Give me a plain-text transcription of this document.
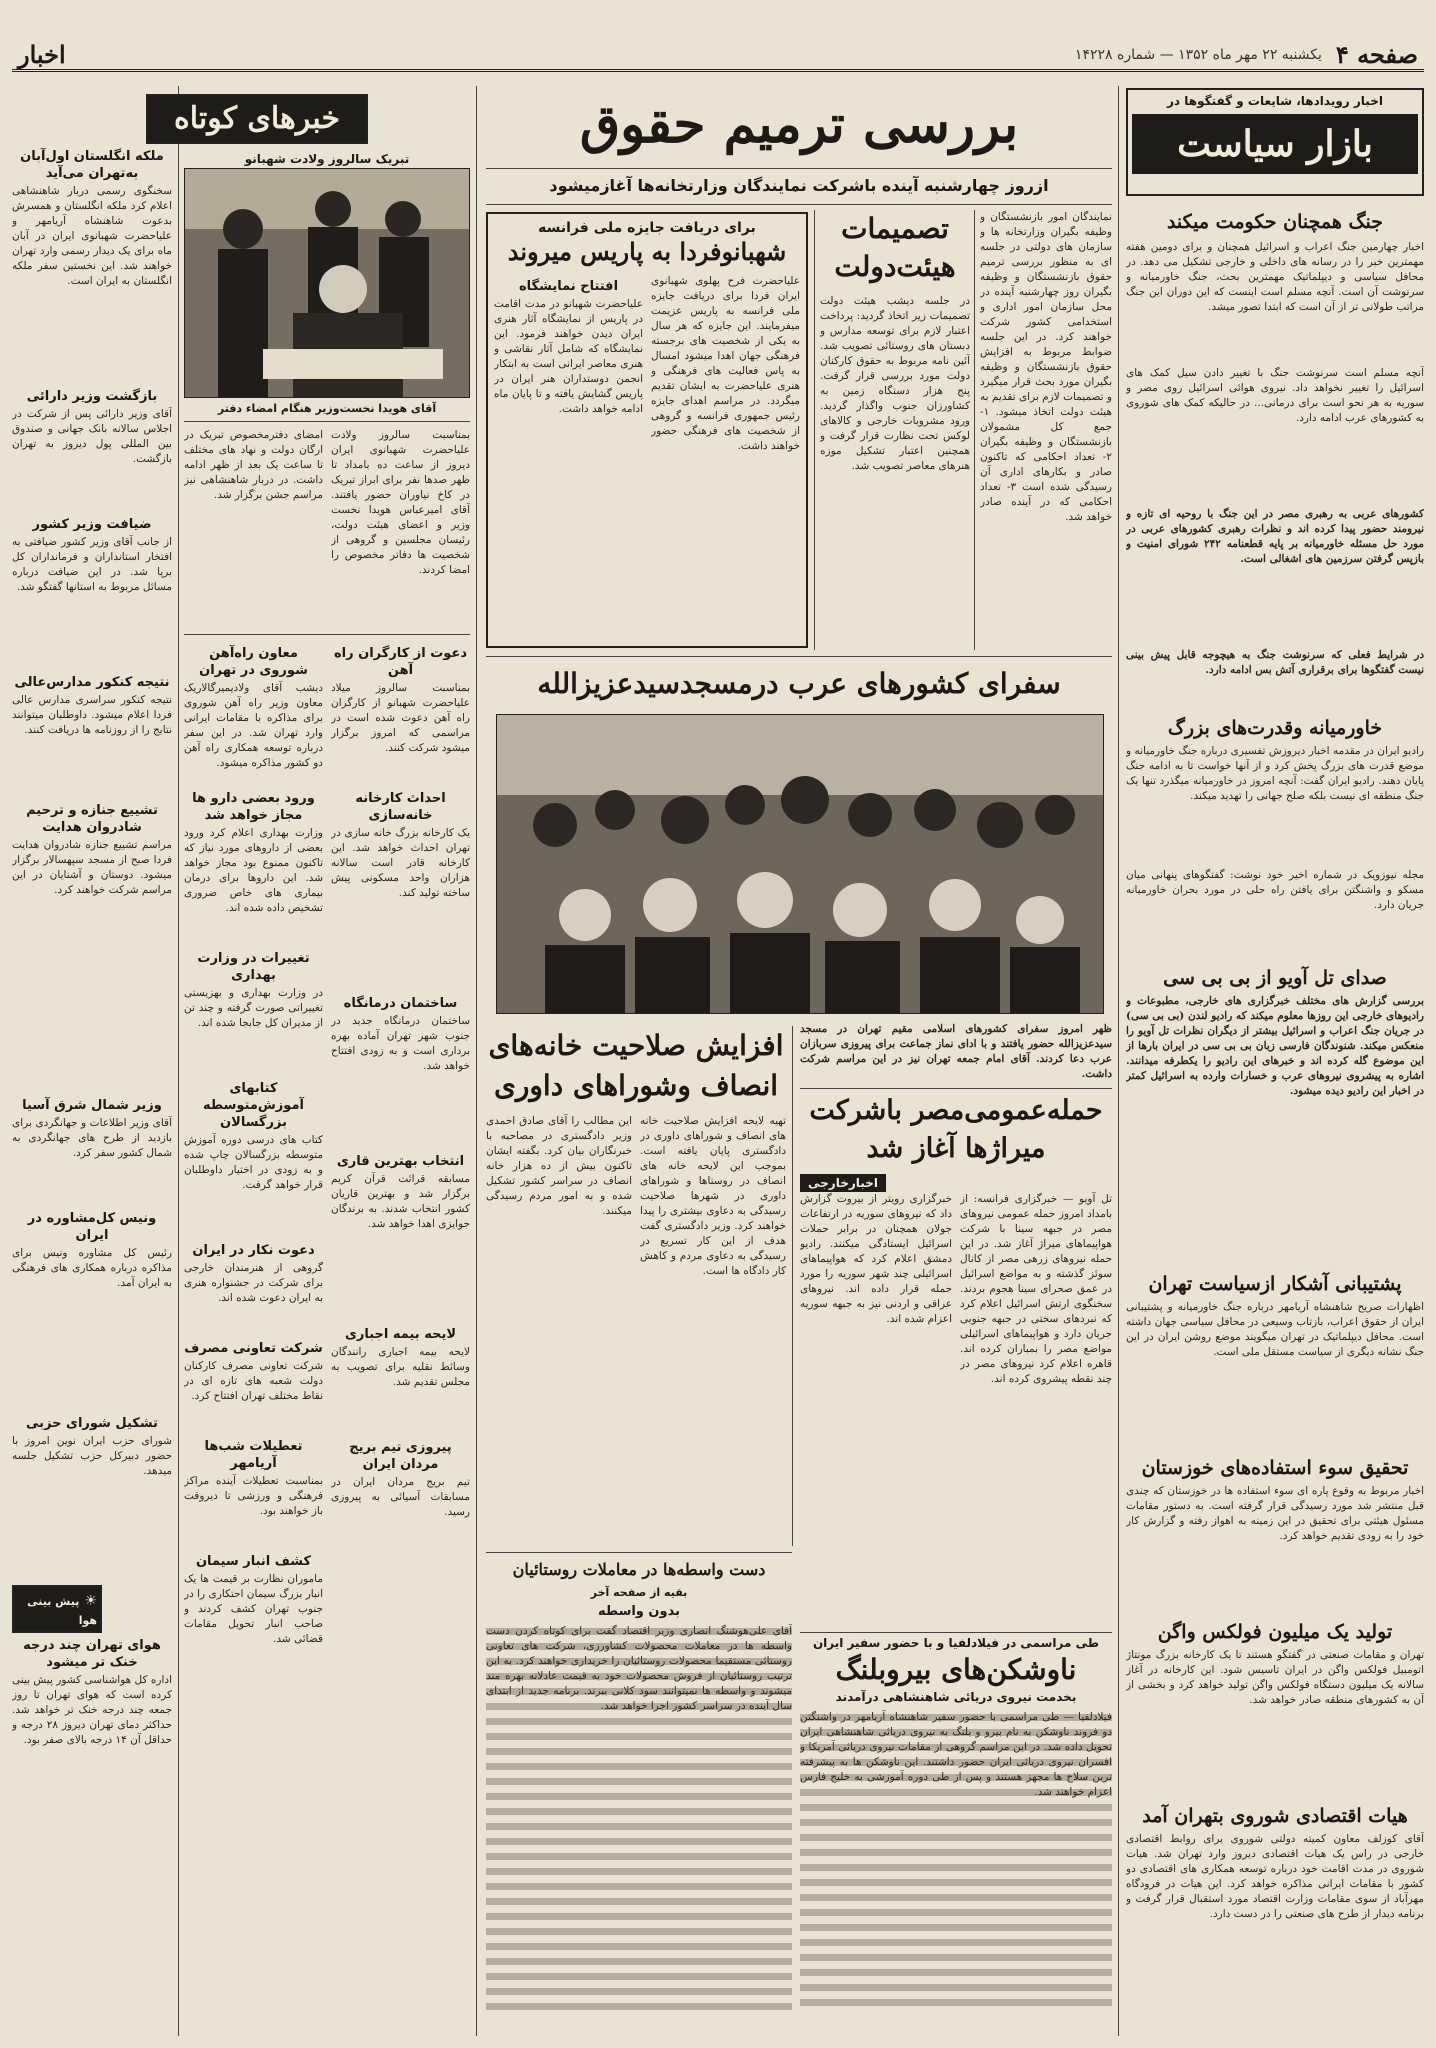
صفحه ۴
یکشنبه ۲۲ مهر ماه ۱۳۵۲ — شماره ۱۴۲۲۸
اخبار
اخبار رویدادها، شایعات و گفتگوها در
بازار سیاست
جنگ همچنان حکومت میکند
اخبار چهارمین جنگ اعراب و اسرائیل همچنان و برای دومین هفته مهمترین خبر را در رسانه های داخلی و خارجی تشکیل می دهد. در محافل سیاسی و دیپلماتیک مهمترین بحث، جنگ خاورمیانه و سرنوشت آن است. آنچه مسلم است اینست که این دوران این جنگ مراتب طولانی تر از آن است که ابتدا تصور میشد.
آنچه مسلم است سرنوشت جنگ با تغییر دادن سیل کمک های اسرائیل را تغییر نخواهد داد. نیروی هوائی اسرائیل روی مصر و سوریه به هر نحو است برای درمانی... در حالیکه کمک های شوروی به کشورهای عرب ادامه دارد.
کشورهای عربی به رهبری مصر در این جنگ با روحیه ای تازه و نیرومند حضور پیدا کرده اند و نظرات رهبری کشورهای عربی در مورد حل مسئله خاورمیانه بر پایه قطعنامه ۲۴۲ شورای امنیت و بازپس گرفتن سرزمین های اشغالی است.
در شرایط فعلی که سرنوشت جنگ به هیچوجه قابل پیش بینی نیست گفتگوها برای برقراری آتش بس ادامه دارد.
خاورمیانه وقدرت‌های بزرگ
رادیو ایران در مقدمه اخبار دیروزش تفسیری درباره جنگ خاورمیانه و موضع قدرت های بزرگ پخش کرد و از آنها خواست تا به ادامه جنگ پایان دهند. رادیو ایران گفت: آنچه امروز در خاورمیانه میگذرد تنها یک جنگ منطقه ای نیست بلکه صلح جهانی را تهدید میکند.
مجله نیوزویک در شماره اخیر خود نوشت: گفتگوهای پنهانی میان مسکو و واشنگتن برای یافتن راه حلی در مورد بحران خاورمیانه جریان دارد.
صدای تل آویو از بی بی سی
بررسی گزارش های مختلف خبرگزاری های خارجی، مطبوعات و رادیوهای خارجی این روزها معلوم میکند که رادیو لندن (بی بی سی) در جریان جنگ اعراب و اسرائیل بیشتر از دیگران نظرات تل آویو را منعکس میکند. شنوندگان فارسی زبان بی بی سی در ایران بارها از این موضوع گله کرده اند و خبرهای این رادیو را یکطرفه میدانند. اشاره به پیشروی نیروهای عرب و خسارات وارده به اسرائیل کمتر در اخبار این رادیو دیده میشود.
پشتیبانی آشکار ازسیاست تهران
اظهارات صریح شاهنشاه آریامهر درباره جنگ خاورمیانه و پشتیبانی ایران از حقوق اعراب، بازتاب وسیعی در محافل سیاسی جهان داشته است. محافل دیپلماتیک در تهران میگویند موضع روشن ایران در این جنگ نشانه دیگری از سیاست مستقل ملی است.
تحقیق سوء استفاده‌های خوزستان
اخبار مربوط به وقوع پاره ای سوء استفاده ها در خوزستان که چندی قبل منتشر شد مورد رسیدگی قرار گرفته است. به دستور مقامات مسئول هیئتی برای تحقیق در این زمینه به اهواز رفته و گزارش کار خود را به زودی تقدیم خواهد کرد.
تولید یک میلیون فولکس واگن
تهران و مقامات صنعتی در گفتگو هستند تا یک کارخانه بزرگ مونتاژ اتومبیل فولکس واگن در ایران تاسیس شود. این کارخانه در آغاز سالانه یک میلیون دستگاه فولکس واگن تولید خواهد کرد و بخشی از آن به کشورهای منطقه صادر خواهد شد.
هیات اقتصادی شوروی بتهران آمد
آقای کوزلف معاون کمیته دولتی شوروی برای روابط اقتصادی خارجی در راس یک هیات اقتصادی دیروز وارد تهران شد. هیات شوروی در مدت اقامت خود درباره توسعه همکاری های اقتصادی دو کشور با مقامات ایرانی مذاکره خواهد کرد. این هیات در فرودگاه مهرآباد از سوی مقامات وزارت اقتصاد مورد استقبال قرار گرفت و برنامه دیدار از طرح های صنعتی را در دست دارد.
بررسی ترمیم حقوق
ازروز چهارشنبه آینده باشرکت نمایندگان وزارتخانه‌ها آغازمیشود
نمایندگان امور بازنشستگان و وظیفه بگیران وزارتخانه ها و سازمان های دولتی در جلسه ای به منظور بررسی ترمیم حقوق بازنشستگان و وظیفه بگیران روز چهارشنبه آینده در محل سازمان امور اداری و استخدامی کشور شرکت خواهند کرد. در این جلسه ضوابط مربوط به افزایش حقوق بازنشستگان و وظیفه بگیران مورد بحث قرار میگیرد و تصمیمات لازم برای تقدیم به هیئت دولت اتخاذ میشود. ۱- جمع کل مشمولان بازنشستگان و وظیفه بگیران ۲- تعداد احکامی که تاکنون صادر و بکارهای اداری آن رسیدگی شده است ۳- تعداد احکامی که در آینده صادر خواهد شد.
تصمیمات هیئت‌دولت
در جلسه دیشب هیئت دولت تصمیمات زیر اتخاذ گردید: پرداخت اعتبار لازم برای توسعه مدارس و دبستان های روستائی تصویب شد. آئین نامه مربوط به حقوق کارکنان دولت مورد بررسی قرار گرفت. پنج هزار دستگاه زمین به کشاورزان جنوب واگذار گردید. ورود مشروبات خارجی و کالاهای لوکس تحت نظارت قرار گرفت و همچنین اعتبار تشکیل موزه هنرهای معاصر تصویب شد.
برای دریافت جایزه ملی فرانسه
شهبانوفردا به پاریس میروند
علیاحضرت فرح پهلوی شهبانوی ایران فردا برای دریافت جایزه ملی فرانسه به پاریس عزیمت میفرمایند. این جایزه که هر سال به یکی از شخصیت های برجسته فرهنگی جهان اهدا میشود امسال به پاس فعالیت های فرهنگی و هنری علیاحضرت به ایشان تقدیم میگردد. در مراسم اهدای جایزه رئیس جمهوری فرانسه و گروهی از شخصیت های فرهنگی حضور خواهند داشت.
افتتاح نمایشگاه
علیاحضرت شهبانو در مدت اقامت در پاریس از نمایشگاه آثار هنری ایران دیدن خواهند فرمود. این نمایشگاه که شامل آثار نقاشی و هنری معاصر ایرانی است به ابتکار انجمن دوستداران هنر ایران در پاریس گشایش یافته و تا پایان ماه ادامه خواهد داشت.
سفرای کشورهای عرب درمسجدسیدعزیزالله
افزایش صلاحیت خانه‌های انصاف وشوراهای داوری
تهیه لایحه افزایش صلاحیت خانه های انصاف و شوراهای داوری در دادگستری پایان یافته است. بموجب این لایحه خانه های انصاف در روستاها و شوراهای داوری در شهرها صلاحیت رسیدگی به دعاوی بیشتری را پیدا خواهند کرد. وزیر دادگستری گفت هدف از این کار تسریع در رسیدگی به دعاوی مردم و کاهش کار دادگاه ها است.
این مطالب را آقای صادق احمدی وزیر دادگستری در مصاحبه با خبرنگاران بیان کرد. بگفته ایشان تاکنون بیش از ده هزار خانه انصاف در سراسر کشور تشکیل شده و به امور مردم رسیدگی میکنند.
ظهر امروز سفرای کشورهای اسلامی مقیم تهران در مسجد سیدعزیزالله حضور یافتند و با ادای نماز جماعت برای پیروزی سربازان عرب دعا کردند. آقای امام جمعه تهران نیز در این مراسم شرکت داشت.
حمله‌عمومی‌مصر باشرکت میراژها آغاز شد
اخبارخارجی
تل آویو — خبرگزاری فرانسه: از بامداد امروز حمله عمومی نیروهای مصر در جبهه سینا با شرکت هواپیماهای میراژ آغاز شد. در این حمله نیروهای زرهی مصر از کانال سوئز گذشته و به مواضع اسرائیل در عمق صحرای سینا هجوم بردند. سخنگوی ارتش اسرائیل اعلام کرد که نبردهای سختی در جبهه جنوبی جریان دارد و هواپیماهای اسرائیلی مواضع مصر را بمباران کرده اند. قاهره اعلام کرد نیروهای مصر در چند نقطه پیشروی کرده اند.
خبرگزاری رویتر از بیروت گزارش داد که نیروهای سوریه در ارتفاعات جولان همچنان در برابر حملات اسرائیل ایستادگی میکنند. رادیو دمشق اعلام کرد که هواپیماهای اسرائیلی چند شهر سوریه را مورد حمله قرار داده اند. نیروهای عراقی و اردنی نیز به جبهه سوریه اعزام شده اند.
دست واسطه‌ها در معاملات روستائیان
بقیه از صفحه آخر
بدون واسطه
آقای علی‌هوشنگ انصاری وزیر اقتصاد گفت برای کوتاه کردن دست واسطه ها در معاملات محصولات کشاورزی، شرکت های تعاونی روستائی مستقیما محصولات روستائیان را خریداری خواهند کرد. به این ترتیب روستائیان از فروش محصولات خود به قیمت عادلانه بهره مند میشوند و واسطه ها نمیتوانند سود کلانی ببرند. برنامه جدید از ابتدای سال آینده در سراسر کشور اجرا خواهد شد.
طی مراسمی در فیلادلفیا و با حضور سفیر ایران
ناوشکن‌های بیرو‌بلنگ
بخدمت نیروی دریائی شاهنشاهی درآمدند
فیلادلفیا — طی مراسمی با حضور سفیر شاهنشاه آریامهر در واشنگتن دو فروند ناوشکن به نام بیرو و بلنگ به نیروی دریائی شاهنشاهی ایران تحویل داده شد. در این مراسم گروهی از مقامات نیروی دریائی آمریکا و افسران نیروی دریائی ایران حضور داشتند. این ناوشکن ها به پیشرفته ترین سلاح ها مجهز هستند و پس از طی دوره آموزشی به خلیج فارس اعزام خواهند شد.
آقای هویدا نخست‌وزیر هنگام امضاء دفتر
بمناسبت سالروز ولادت علیاحضرت شهبانوی ایران دیروز از ساعت ده بامداد تا ظهر صدها نفر برای ابراز تبریک در کاخ نیاوران حضور یافتند. آقای امیرعباس هویدا نخست وزیر و اعضای هیئت دولت، رئیسان مجلسین و گروهی از شخصیت ها دفاتر مخصوص را امضا کردند.
امضای دفترمخصوص تبریک در ارگان دولت و نهاد های مختلف تا ساعت یک بعد از ظهر ادامه داشت. در دربار شاهنشاهی نیز مراسم جشن برگزار شد.
دعوت از کارگران راه آهن
بمناسبت سالروز میلاد علیاحضرت شهبانو از کارگران راه آهن دعوت شده است در مراسمی که امروز برگزار میشود شرکت کنند.
احداث کارخانه خانه‌سازی
یک کارخانه بزرگ خانه سازی در تهران احداث خواهد شد. این کارخانه قادر است سالانه هزاران واحد مسکونی پیش ساخته تولید کند.
ساختمان درمانگاه
ساختمان درمانگاه جدید در جنوب شهر تهران آماده بهره برداری است و به زودی افتتاح خواهد شد.
انتخاب بهترین قاری
مسابقه قرائت قرآن کریم برگزار شد و بهترین قاریان کشور انتخاب شدند. به برندگان جوایزی اهدا خواهد شد.
لایحه بیمه اجباری
لایحه بیمه اجباری رانندگان وسائط نقلیه برای تصویب به مجلس تقدیم شد.
پیروزی تیم بریج مردان ایران
تیم بریج مردان ایران در مسابقات آسیائی به پیروزی رسید.
معاون راه‌آهن شوروی در تهران
دیشب آقای ولادیمیرگالاریک معاون وزیر راه آهن شوروی برای مذاکره با مقامات ایرانی وارد تهران شد. در این سفر درباره توسعه همکاری راه آهن دو کشور مذاکره میشود.
ورود بعضی دارو ها مجاز خواهد شد
وزارت بهداری اعلام کرد ورود بعضی از داروهای مورد نیاز که تاکنون ممنوع بود مجاز خواهد شد. این داروها برای درمان بیماری های خاص ضروری تشخیص داده شده اند.
تغییرات در وزارت بهداری
در وزارت بهداری و بهزیستی تغییراتی صورت گرفته و چند تن از مدیران کل جابجا شده اند.
کتابهای آموزش‌متوسطه بزرگسالان
کتاب های درسی دوره آموزش متوسطه بزرگسالان چاپ شده و به زودی در اختیار داوطلبان قرار خواهد گرفت.
دعوت نکار در ایران
گروهی از هنرمندان خارجی برای شرکت در جشنواره هنری به ایران دعوت شده اند.
شرکت تعاونی مصرف
شرکت تعاونی مصرف کارکنان دولت شعبه های تازه ای در نقاط مختلف تهران افتتاح کرد.
تعطیلات شب‌ها آریامهر
بمناسبت تعطیلات آینده مراکز فرهنگی و ورزشی تا دیروقت باز خواهند بود.
کشف انبار سیمان
ماموران نظارت بر قیمت ها یک انبار بزرگ سیمان احتکاری را در جنوب تهران کشف کردند و صاحب انبار تحویل مقامات قضائی شد.
خبرهای کوتاه
تبریک سالروز ولادت شهبانو
ملکه انگلستان اول‌آبان به‌تهران می‌آید
سخنگوی رسمی دربار شاهنشاهی اعلام کرد ملکه انگلستان و همسرش بدعوت شاهنشاه آریامهر و علیاحضرت شهبانوی ایران در آبان ماه برای یک دیدار رسمی وارد تهران خواهند شد. این نخستین سفر ملکه انگلستان به ایران است.
بازگشت وزیر دارائی
آقای وزیر دارائی پس از شرکت در اجلاس سالانه بانک جهانی و صندوق بین المللی پول دیروز به تهران بازگشت.
ضیافت وزیر کشور
از جانب آقای وزیر کشور ضیافتی به افتخار استانداران و فرمانداران کل برپا شد. در این ضیافت درباره مسائل مربوط به استانها گفتگو شد.
نتیجه کنکور مدارس‌عالی
نتیجه کنکور سراسری مدارس عالی فردا اعلام میشود. داوطلبان میتوانند نتایج را از روزنامه ها دریافت کنند.
تشییع جنازه و ترحیم شادروان هدایت
مراسم تشییع جنازه شادروان هدایت فردا صبح از مسجد سپهسالار برگزار میشود. دوستان و آشنایان در این مراسم شرکت خواهند کرد.
وزیر شمال شرق آسیا
آقای وزیر اطلاعات و جهانگردی برای بازدید از طرح های جهانگردی به شمال کشور سفر کرد.
ونیس کل‌مشاوره در ایران
رئیس کل مشاوره ونیس برای مذاکره درباره همکاری های فرهنگی به ایران آمد.
تشکیل شورای حزبی
شورای حزب ایران نوین امروز با حضور دبیرکل حزب تشکیل جلسه میدهد.
☀ پیش بینی هوا
هوای تهران چند درجه خنک تر میشود
اداره کل هواشناسی کشور پیش بینی کرده است که هوای تهران تا روز جمعه چند درجه خنک تر خواهد شد. حداکثر دمای تهران دیروز ۲۸ درجه و حداقل آن ۱۴ درجه بالای صفر بود.
